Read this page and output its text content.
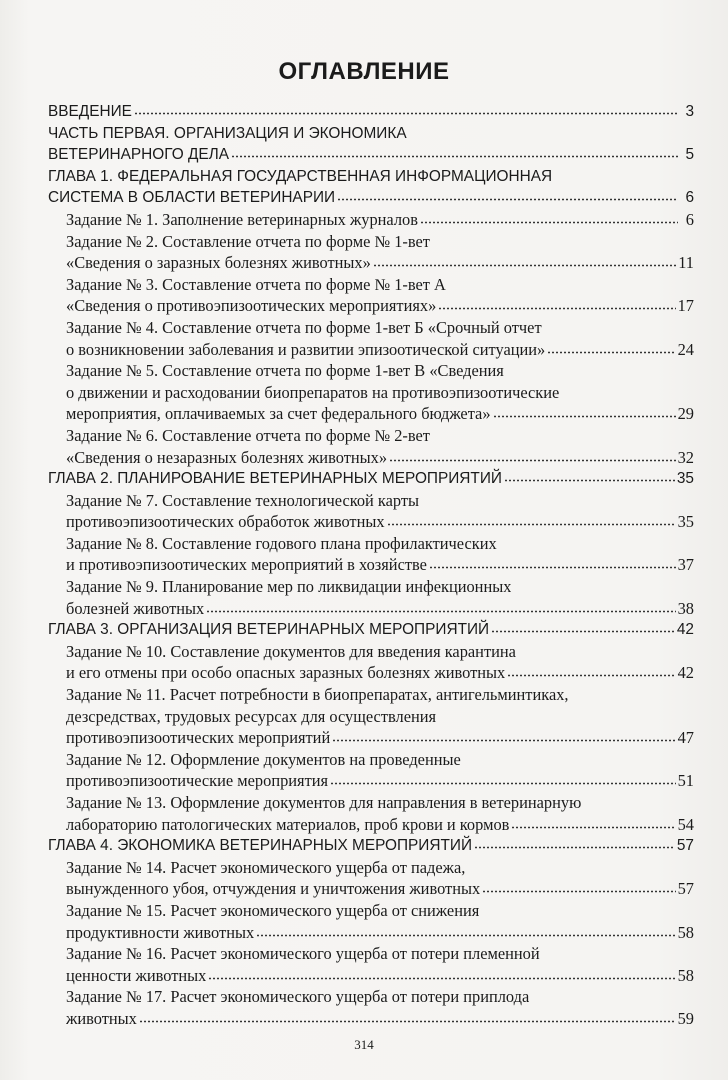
ОГЛАВЛЕНИЕ
ВВЕДЕНИЕ	3
ЧАСТЬ ПЕРВАЯ. ОРГАНИЗАЦИЯ И ЭКОНОМИКА
ВЕТЕРИНАРНОГО ДЕЛА	5
ГЛАВА 1. ФЕДЕРАЛЬНАЯ ГОСУДАРСТВЕННАЯ ИНФОРМАЦИОННАЯ
СИСТЕМА В ОБЛАСТИ ВЕТЕРИНАРИИ	6
Задание № 1. Заполнение ветеринарных журналов	6
Задание № 2. Составление отчета по форме № 1-вет
«Сведения о заразных болезнях животных»	11
Задание № 3. Составление отчета по форме № 1-вет А
«Сведения о противоэпизоотических мероприятиях»	17
Задание № 4. Составление отчета по форме 1-вет Б «Срочный отчет
о возникновении заболевания и развитии эпизоотической ситуации»	24
Задание № 5. Составление отчета по форме 1-вет В «Сведения
о движении и расходовании биопрепаратов на противоэпизоотические
мероприятия, оплачиваемых за счет федерального бюджета»	29
Задание № 6. Составление отчета по форме № 2-вет
«Сведения о незаразных болезнях животных»	32
ГЛАВА 2. ПЛАНИРОВАНИЕ ВЕТЕРИНАРНЫХ МЕРОПРИЯТИЙ	35
Задание № 7. Составление технологической карты
противоэпизоотических обработок животных	35
Задание № 8. Составление годового плана профилактических
и противоэпизоотических мероприятий в хозяйстве	37
Задание № 9. Планирование мер по ликвидации инфекционных
болезней животных	38
ГЛАВА 3. ОРГАНИЗАЦИЯ ВЕТЕРИНАРНЫХ МЕРОПРИЯТИЙ	42
Задание № 10. Составление документов для введения карантина
и его отмены при особо опасных заразных болезнях животных	42
Задание № 11. Расчет потребности в биопрепаратах, антигельминтиках,
дезсредствах, трудовых ресурсах для осуществления
противоэпизоотических мероприятий	47
Задание № 12. Оформление документов на проведенные
противоэпизоотические мероприятия	51
Задание № 13. Оформление документов для направления в ветеринарную
лабораторию патологических материалов, проб крови и кормов	54
ГЛАВА 4. ЭКОНОМИКА ВЕТЕРИНАРНЫХ МЕРОПРИЯТИЙ	57
Задание № 14. Расчет экономического ущерба от падежа,
вынужденного убоя, отчуждения и уничтожения животных	57
Задание № 15. Расчет экономического ущерба от снижения
продуктивности животных	58
Задание № 16. Расчет экономического ущерба от потери племенной
ценности животных	58
Задание № 17. Расчет экономического ущерба от потери приплода
животных	59
314
